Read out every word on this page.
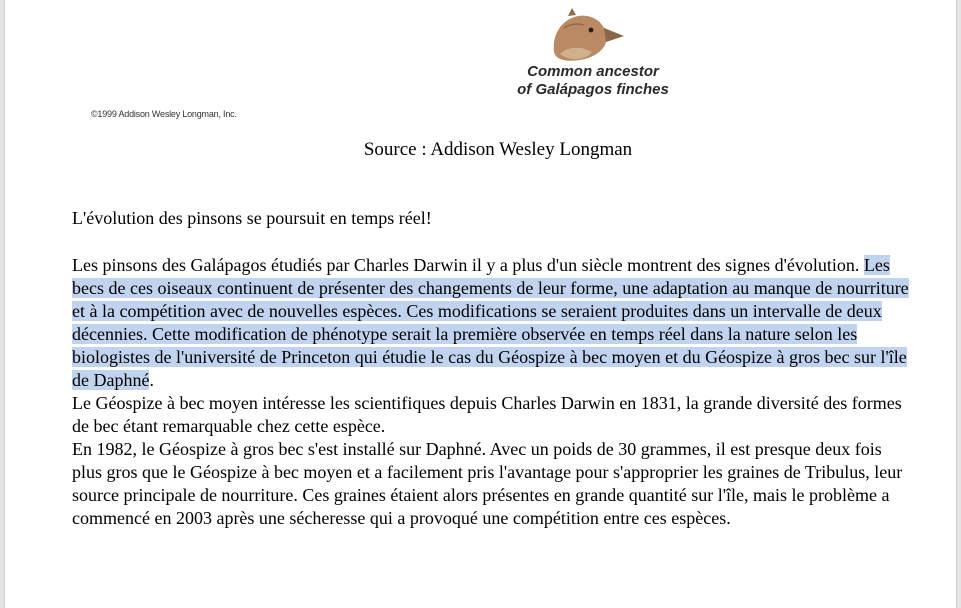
Common ancestor
of Galápagos finches

©1999 Addison Wesley Longman, Inc.

Source : Addison Wesley Longman

L'évolution des pinsons se poursuit en temps réel!

Les pinsons des Galápagos étudiés par Charles Darwin il y a plus d'un siècle montrent des signes d'évolution. Les becs de ces oiseaux continuent de présenter des changements de leur forme, une adaptation au manque de nourriture et à la compétition avec de nouvelles espèces. Ces modifications se seraient produites dans un intervalle de deux décennies. Cette modification de phénotype serait la première observée en temps réel dans la nature selon les biologistes de l'université de Princeton qui étudie le cas du Géospize à bec moyen et du Géospize à gros bec sur l'île de Daphné.

Le Géospize à bec moyen intéresse les scientifiques depuis Charles Darwin en 1831, la grande diversité des formes de bec étant remarquable chez cette espèce.

En 1982, le Géospize à gros bec s'est installé sur Daphné. Avec un poids de 30 grammes, il est presque deux fois plus gros que le Géospize à bec moyen et a facilement pris l'avantage pour s'approprier les graines de Tribulus, leur source principale de nourriture. Ces graines étaient alors présentes en grande quantité sur l'île, mais le problème a commencé en 2003 après une sécheresse qui a provoqué une compétition entre ces espèces.
